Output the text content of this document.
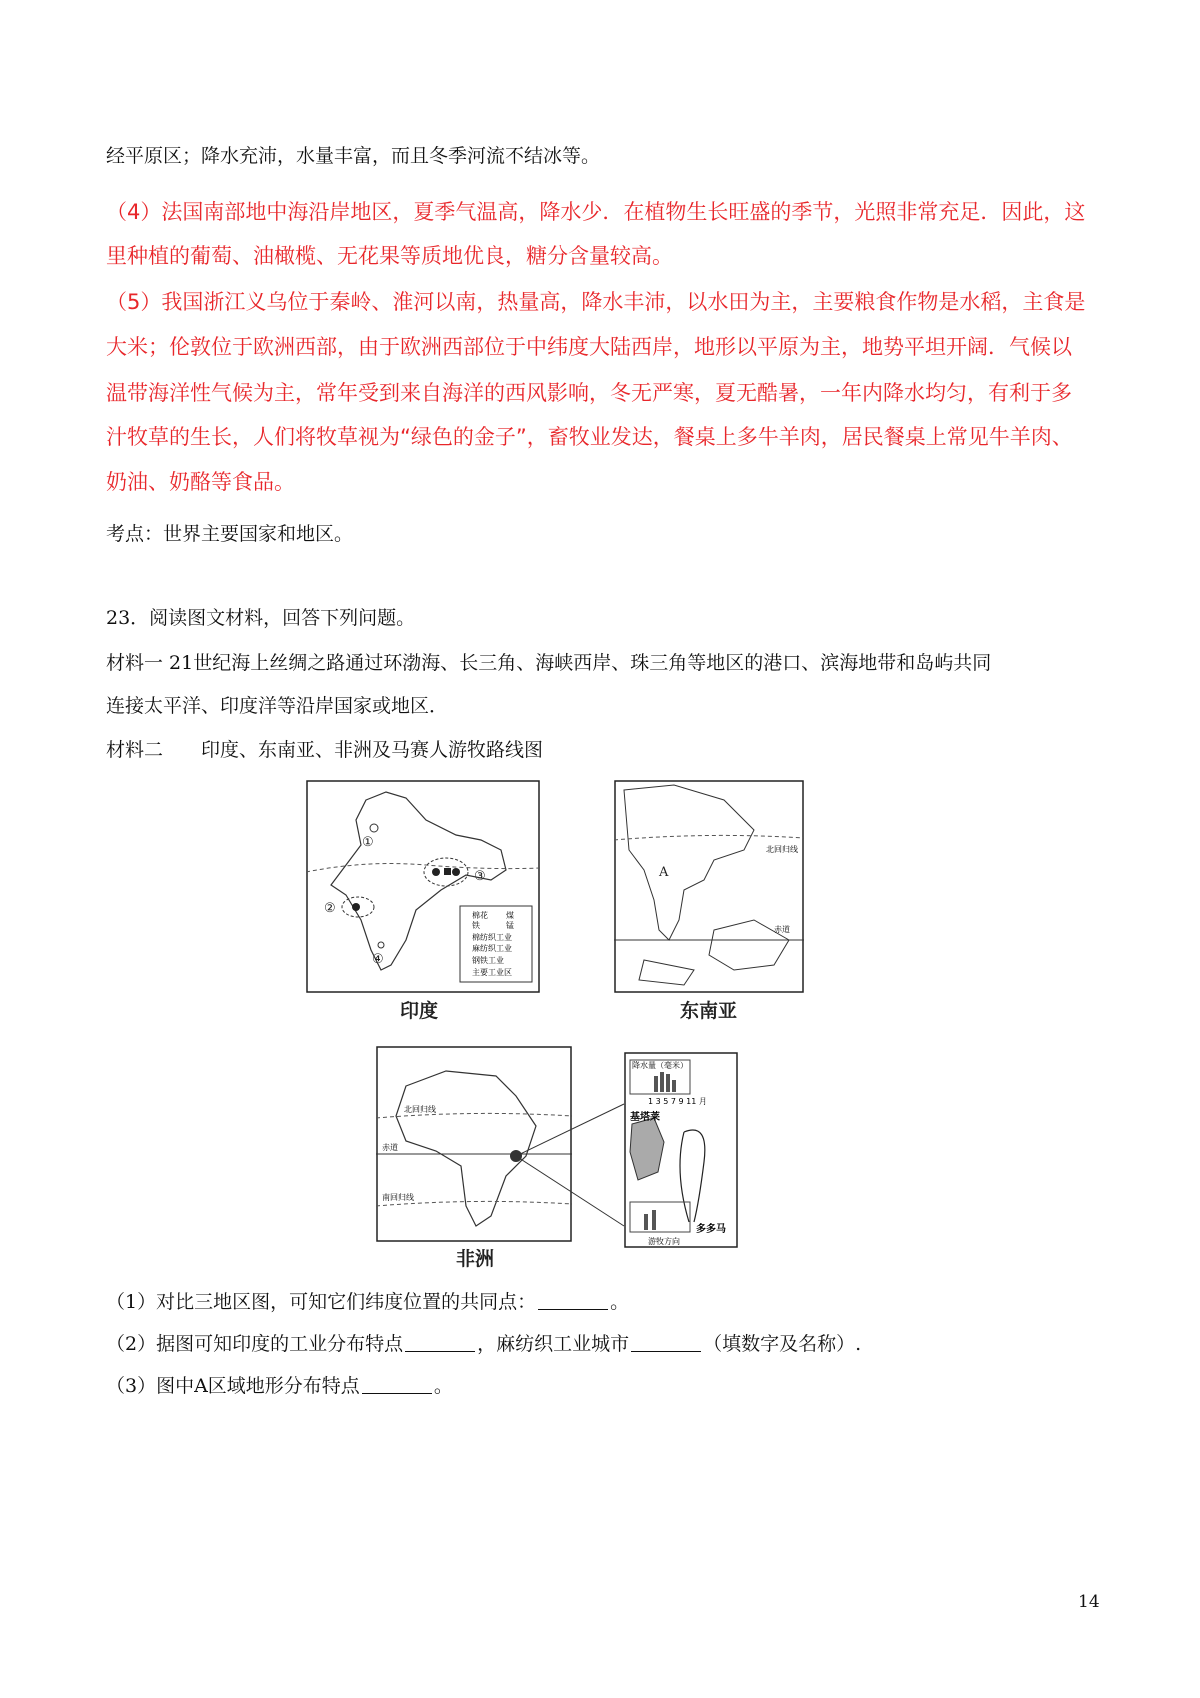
经平原区；降水充沛，水量丰富，而且冬季河流不结冰等。
（4）法国南部地中海沿岸地区，夏季气温高，降水少．在植物生长旺盛的季节，光照非常充足．因此，这
里种植的葡萄、油橄榄、无花果等质地优良，糖分含量较高。
（5）我国浙江义乌位于秦岭、淮河以南，热量高，降水丰沛，以水田为主，主要粮食作物是水稻，主食是
大米；伦敦位于欧洲西部，由于欧洲西部位于中纬度大陆西岸，地形以平原为主，地势平坦开阔．气候以
温带海洋性气候为主，常年受到来自海洋的西风影响，冬无严寒，夏无酷暑，一年内降水均匀，有利于多
汁牧草的生长，人们将牧草视为“绿色的金子”，畜牧业发达，餐桌上多牛羊肉，居民餐桌上常见牛羊肉、
奶油、奶酪等食品。
考点：世界主要国家和地区。
23．阅读图文材料，回答下列问题。
材料一 21世纪海上丝绸之路通过环渤海、长三角、海峡西岸、珠三角等地区的港口、滨海地带和岛屿共同
连接太平洋、印度洋等沿岸国家或地区．
材料二　　印度、东南亚、非洲及马赛人游牧路线图
①
②
③
④
棉花 煤
铁	锰
棉纺织工业
麻纺织工业
钢铁工业
主要工业区
印度
A
北回归线
赤道
东南亚
北回归线
赤道
南回归线
非洲
降水量（毫米）
1 3 5 7 9 11 月
基塔莱
多多马
游牧方向
（1）对比三地区图，可知它们纬度位置的共同点：	。
（2）据图可知印度的工业分布特点	，麻纺织工业城市	（填数字及名称）.
（3）图中A区域地形分布特点	。
14
